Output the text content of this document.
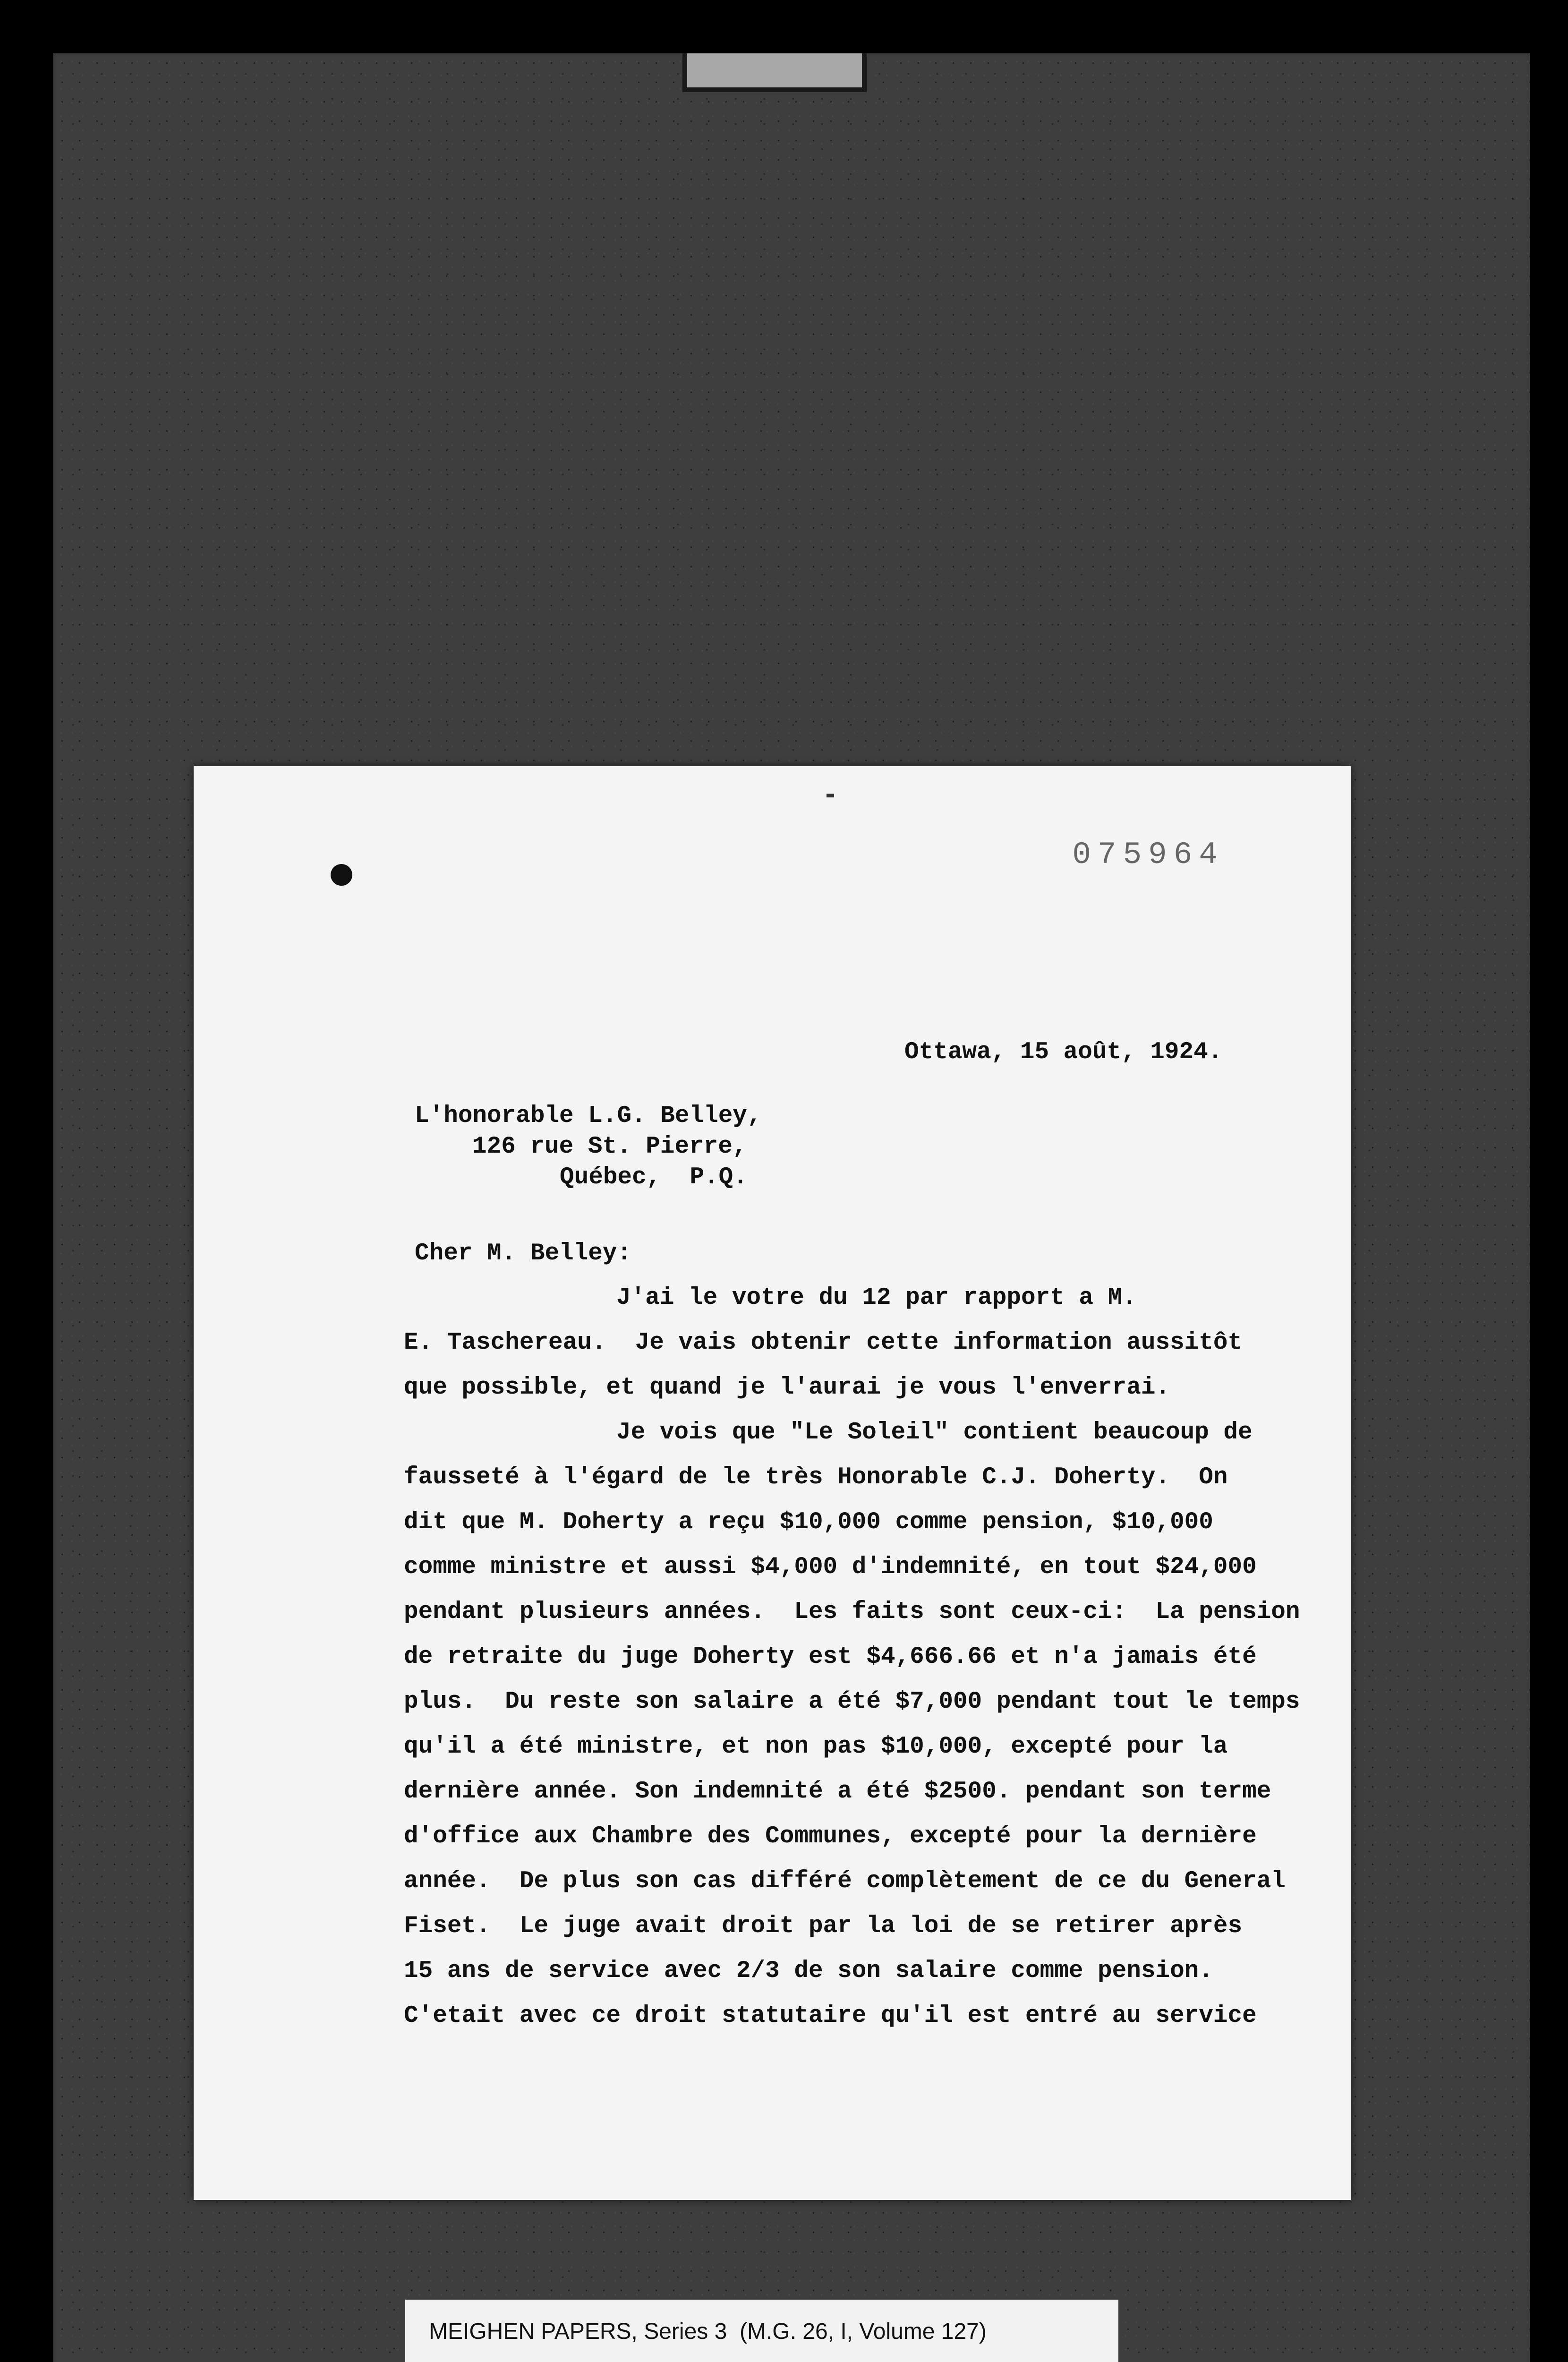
075964
Ottawa, 15 août, 1924.
L'honorable L.G. Belley,
126 rue St. Pierre,
Québec,  P.Q.
Cher M. Belley:
J'ai le votre du 12 par rapport a M.
E. Taschereau.  Je vais obtenir cette information aussitôt
que possible, et quand je l'aurai je vous l'enverrai.
Je vois que "Le Soleil" contient beaucoup de
fausseté à l'égard de le très Honorable C.J. Doherty.  On
dit que M. Doherty a reçu $10,000 comme pension, $10,000
comme ministre et aussi $4,000 d'indemnité, en tout $24,000
pendant plusieurs années.  Les faits sont ceux-ci:  La pension
de retraite du juge Doherty est $4,666.66 et n'a jamais été
plus.  Du reste son salaire a été $7,000 pendant tout le temps
qu'il a été ministre, et non pas $10,000, excepté pour la
dernière année. Son indemnité a été $2500. pendant son terme
d'office aux Chambre des Communes, excepté pour la dernière
année.  De plus son cas différé complètement de ce du General
Fiset.  Le juge avait droit par la loi de se retirer après
15 ans de service avec 2/3 de son salaire comme pension.
C'etait avec ce droit statutaire qu'il est entré au service
MEIGHEN PAPERS, Series 3  (M.G. 26, I, Volume 127)
